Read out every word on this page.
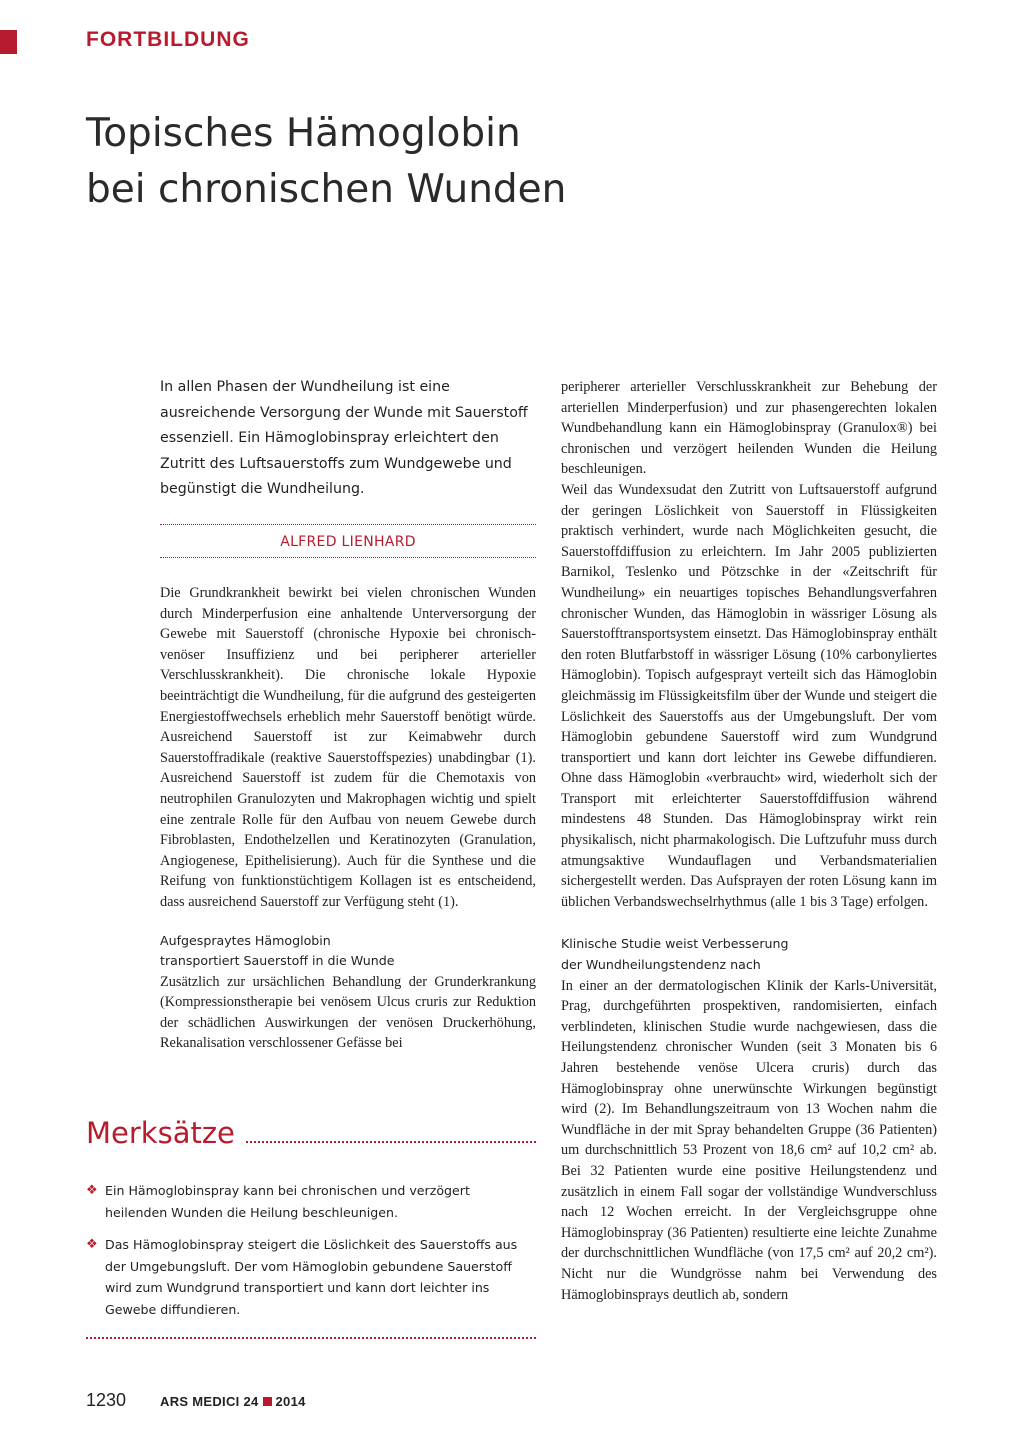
FORTBILDUNG
Topisches Hämoglobin
bei chronischen Wunden
In allen Phasen der Wundheilung ist eine ausreichende Versorgung der Wunde mit Sauerstoff essenziell. Ein Hämoglobinspray erleichtert den Zutritt des Luftsauerstoffs zum Wundgewebe und begünstigt die Wundheilung.
ALFRED LIENHARD

Die Grundkrankheit bewirkt bei vielen chronischen Wunden durch Minderperfusion eine anhaltende Unterversorgung der Gewebe mit Sauerstoff (chronische Hypoxie bei chronisch-venöser Insuffizienz und bei peripherer arterieller Verschlusskrankheit). Die chronische lokale Hypoxie beeinträchtigt die Wundheilung, für die aufgrund des gesteigerten Energiestoffwechsels erheblich mehr Sauerstoff benötigt würde. Ausreichend Sauerstoff ist zur Keimabwehr durch Sauerstoffradikale (reaktive Sauerstoffspezies) unabdingbar (1). Ausreichend Sauerstoff ist zudem für die Chemotaxis von neutrophilen Granulozyten und Makrophagen wichtig und spielt eine zentrale Rolle für den Aufbau von neuem Gewebe durch Fibroblasten, Endothelzellen und Keratinozyten (Granulation, Angiogenese, Epithelisierung). Auch für die Synthese und die Reifung von funktionstüchtigem Kollagen ist es entscheidend, dass ausreichend Sauerstoff zur Verfügung steht (1).

Aufgespraytes Hämoglobin
transportiert Sauerstoff in die Wunde

Zusätzlich zur ursächlichen Behandlung der Grunderkrankung (Kompressionstherapie bei venösem Ulcus cruris zur Reduktion der schädlichen Auswirkungen der venösen Druckerhöhung, Rekanalisation verschlossener Gefässe bei

peripherer arterieller Verschlusskrankheit zur Behebung der arteriellen Minderperfusion) und zur phasengerechten lokalen Wundbehandlung kann ein Hämoglobinspray (Granulox®) bei chronischen und verzögert heilenden Wunden die Heilung beschleunigen.

Weil das Wundexsudat den Zutritt von Luftsauerstoff aufgrund der geringen Löslichkeit von Sauerstoff in Flüssigkeiten praktisch verhindert, wurde nach Möglichkeiten gesucht, die Sauerstoffdiffusion zu erleichtern. Im Jahr 2005 publizierten Barnikol, Teslenko und Pötzschke in der «Zeitschrift für Wundheilung» ein neuartiges topisches Behandlungsverfahren chronischer Wunden, das Hämoglobin in wässriger Lösung als Sauerstofftransportsystem einsetzt. Das Hämoglobinspray enthält den roten Blutfarbstoff in wässriger Lösung (10% carbonyliertes Hämoglobin). Topisch aufgesprayt verteilt sich das Hämoglobin gleichmässig im Flüssigkeitsfilm über der Wunde und steigert die Löslichkeit des Sauerstoffs aus der Umgebungsluft. Der vom Hämoglobin gebundene Sauerstoff wird zum Wundgrund transportiert und kann dort leichter ins Gewebe diffundieren. Ohne dass Hämoglobin «verbraucht» wird, wiederholt sich der Transport mit erleichterter Sauerstoffdiffusion während mindestens 48 Stunden. Das Hämoglobinspray wirkt rein physikalisch, nicht pharmakologisch. Die Luftzufuhr muss durch atmungsaktive Wundauflagen und Verbandsmaterialien sichergestellt werden. Das Aufsprayen der roten Lösung kann im üblichen Verbandswechselrhythmus (alle 1 bis 3 Tage) erfolgen.

Klinische Studie weist Verbesserung
der Wundheilungstendenz nach

In einer an der dermatologischen Klinik der Karls-Universität, Prag, durchgeführten prospektiven, randomisierten, einfach verblindeten, klinischen Studie wurde nachgewiesen, dass die Heilungstendenz chronischer Wunden (seit 3 Monaten bis 6 Jahren bestehende venöse Ulcera cruris) durch das Hämoglobinspray ohne unerwünschte Wirkungen begünstigt wird (2). Im Behandlungszeitraum von 13 Wochen nahm die Wundfläche in der mit Spray behandelten Gruppe (36 Patienten) um durchschnittlich 53 Prozent von 18,6 cm² auf 10,2 cm² ab. Bei 32 Patienten wurde eine positive Heilungstendenz und zusätzlich in einem Fall sogar der vollständige Wundverschluss nach 12 Wochen erreicht. In der Vergleichsgruppe ohne Hämoglobinspray (36 Patienten) resultierte eine leichte Zunahme der durchschnittlichen Wundfläche (von 17,5 cm² auf 20,2 cm²). Nicht nur die Wundgrösse nahm bei Verwendung des Hämoglobinsprays deutlich ab, sondern

Merksätze
❖ Ein Hämoglobinspray kann bei chronischen und verzögert heilenden Wunden die Heilung beschleunigen.
❖ Das Hämoglobinspray steigert die Löslichkeit des Sauerstoffs aus der Umgebungsluft. Der vom Hämoglobin gebundene Sauerstoff wird zum Wundgrund transportiert und kann dort leichter ins Gewebe diffundieren.
1230	ARS MEDICI 24 2014
